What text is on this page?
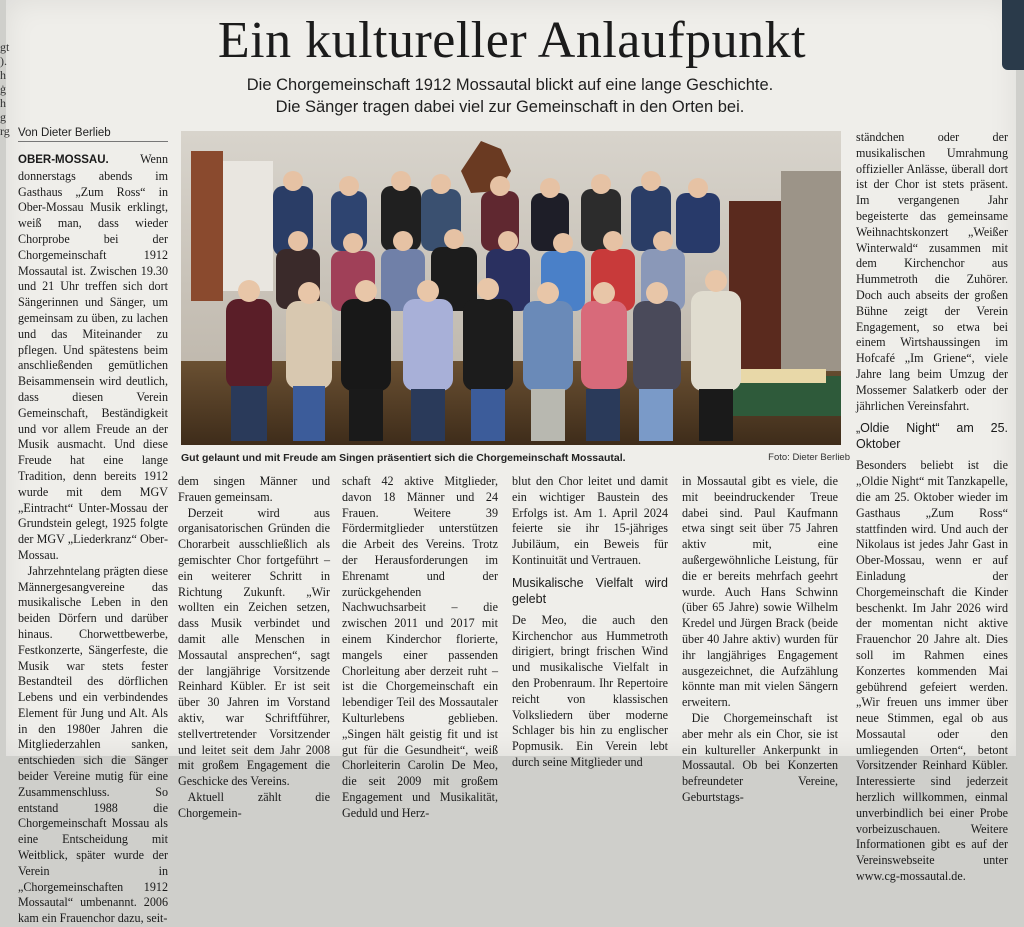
gt
).
h
ġ
h
g
rg
Ein kultureller Anlaufpunkt
Die Chorgemeinschaft 1912 Mossautal blickt auf eine lange Geschichte.
Die Sänger tragen dabei viel zur Gemeinschaft in den Orten bei.
Von Dieter Berlieb

OBER-MOSSAU.	Wenn donnerstags abends im Gasthaus „Zum Ross“ in Ober-Mossau Musik erklingt, weiß man, dass wieder Chorprobe bei der Chorgemeinschaft 1912 Mossautal ist. Zwischen 19.30 und 21 Uhr treffen sich dort Sängerinnen und Sänger, um gemeinsam zu üben, zu lachen und das Miteinander zu pflegen. Und spätestens beim anschließenden gemütlichen Beisammensein wird deutlich, dass diesen Verein Gemeinschaft, Beständigkeit und vor allem Freude an der Musik ausmacht. Und diese Freude hat eine lange Tradition, denn bereits 1912 wurde mit dem MGV „Eintracht“ Unter-Mossau der Grundstein gelegt, 1925 folgte der MGV „Liederkranz“ Ober-Mossau.

Jahrzehntelang prägten diese Männergesangvereine das musikalische Leben in den beiden Dörfern und darüber hinaus. Chorwettbewerbe, Festkonzerte, Sängerfeste, die Musik war stets fester Bestandteil des dörflichen Lebens und ein verbindendes Element für Jung und Alt. Als in den 1980er Jahren die Mitgliederzahlen sanken, entschieden sich die Sänger beider Vereine mutig für eine Zusammenschluss. So entstand 1988 die Chorgemeinschaft Mossau als eine Entscheidung mit Weitblick, später wurde der Verein in „Chorgemeinschaften 1912 Mossautal“ umbenannt. 2006 kam ein Frauenchor dazu, seit-

Gut gelaunt und mit Freude am Singen präsentiert sich die Chorgemeinschaft Mossautal.	Foto: Dieter Berlieb

dem singen Männer und Frauen gemeinsam.

Derzeit wird aus organisatorischen Gründen die Chorarbeit ausschließlich als gemischter Chor fortgeführt – ein weiterer Schritt in Richtung Zukunft. „Wir wollten ein Zeichen setzen, dass Musik verbindet und damit alle Menschen in Mossautal ansprechen“, sagt der langjährige Vorsitzende Reinhard Kübler. Er ist seit über 30 Jahren im Vorstand aktiv, war Schriftführer, stellvertretender Vorsitzender und leitet seit dem Jahr 2008 mit großem Engagement die Geschicke des Vereins.

Aktuell zählt die Chorgemein-

schaft 42 aktive Mitglieder, davon 18 Männer und 24 Frauen. Weitere 39 Fördermitglieder unterstützen die Arbeit des Vereins. Trotz der Herausforderungen im Ehrenamt und der zurückgehenden Nachwuchsarbeit – die zwischen 2011 und 2017 mit einem Kinderchor florierte, mangels einer passenden Chorleitung aber derzeit ruht – ist die Chorgemeinschaft ein lebendiger Teil des Mossautaler Kulturlebens geblieben. „Singen hält geistig fit und ist gut für die Gesundheit“, weiß Chorleiterin Carolin De Meo, die seit 2009 mit großem Engagement und Musikalität, Geduld und Herz-

blut den Chor leitet und damit ein wichtiger Baustein des Erfolgs ist. Am 1. April 2024 feierte sie ihr 15-jähriges Jubiläum, ein Beweis für Kontinuität und Vertrauen.

Musikalische Vielfalt wird gelebt

De Meo, die auch den Kirchenchor aus Hummetroth dirigiert, bringt frischen Wind und musikalische Vielfalt in den Probenraum. Ihr Repertoire reicht von klassischen Volksliedern über moderne Schlager bis hin zu englischer Popmusik. Ein Verein lebt durch seine Mitglieder und

in Mossautal gibt es viele, die mit beeindruckender Treue dabei sind. Paul Kaufmann etwa singt seit über 75 Jahren aktiv mit, eine außergewöhnliche Leistung, für die er bereits mehrfach geehrt wurde. Auch Hans Schwinn (über 65 Jahre) sowie Wilhelm Kredel und Jürgen Brack (beide über 40 Jahre aktiv) wurden für ihr langjähriges Engagement ausgezeichnet, die Aufzählung könnte man mit vielen Sängern erweitern.

Die Chorgemeinschaft ist aber mehr als ein Chor, sie ist ein kultureller Ankerpunkt in Mossautal. Ob bei Konzerten befreundeter Vereine, Geburtstags-

ständchen oder der musikalischen Umrahmung offizieller Anlässe, überall dort ist der Chor ist stets präsent. Im vergangenen Jahr begeisterte das gemeinsame Weihnachtskonzert „Weißer Winterwald“ zusammen mit dem Kirchenchor aus Hummetroth die Zuhörer. Doch auch abseits der großen Bühne zeigt der Verein Engagement, so etwa bei einem Wirtshaussingen im Hofcafé „Im Griene“, viele Jahre lang beim Umzug der Mossemer Salatkerb oder der jährlichen Vereinsfahrt.

„Oldie Night“ am 25. Oktober

Besonders beliebt ist die „Oldie Night“ mit Tanzkapelle, die am 25. Oktober wieder im Gasthaus „Zum Ross“ stattfinden wird. Und auch der Nikolaus ist jedes Jahr Gast in Ober-Mossau, wenn er auf Einladung der Chorgemeinschaft die Kinder beschenkt. Im Jahr 2026 wird der momentan nicht aktive Frauenchor 20 Jahre alt. Dies soll im Rahmen eines Konzertes kommenden Mai gebührend gefeiert werden. „Wir freuen uns immer über neue Stimmen, egal ob aus Mossautal oder den umliegenden Orten“, betont Vorsitzender Reinhard Kübler. Interessierte sind jederzeit herzlich willkommen, einmal unverbindlich bei einer Probe vorbeizuschauen. Weitere Informationen gibt es auf der Vereinswebseite unter www.cg-mossautal.de.
